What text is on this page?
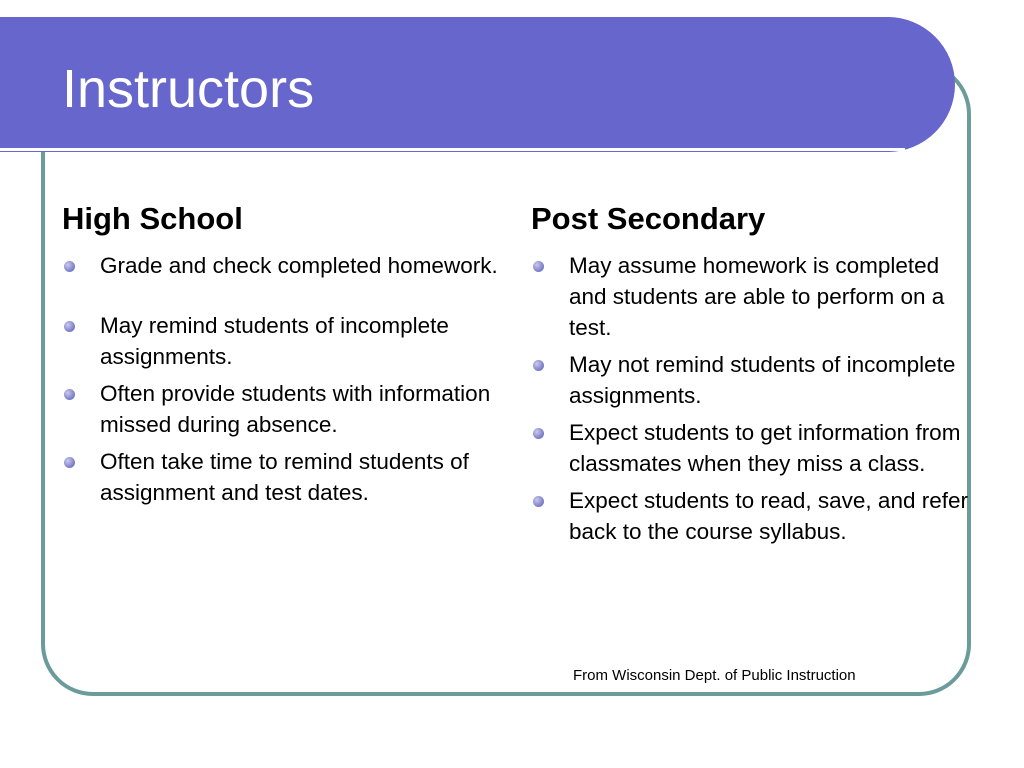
Instructors
High School
Grade and check completed homework.
May remind students of incomplete assignments.
Often provide students with information missed during absence.
Often take time to remind students of assignment and test dates.
Post Secondary
May assume homework is completed and students are able to perform on a test.
May not remind students of incomplete assignments.
Expect students to get information from classmates when they miss a class.
Expect students to read, save, and refer back to the course syllabus.
From Wisconsin Dept. of Public Instruction
